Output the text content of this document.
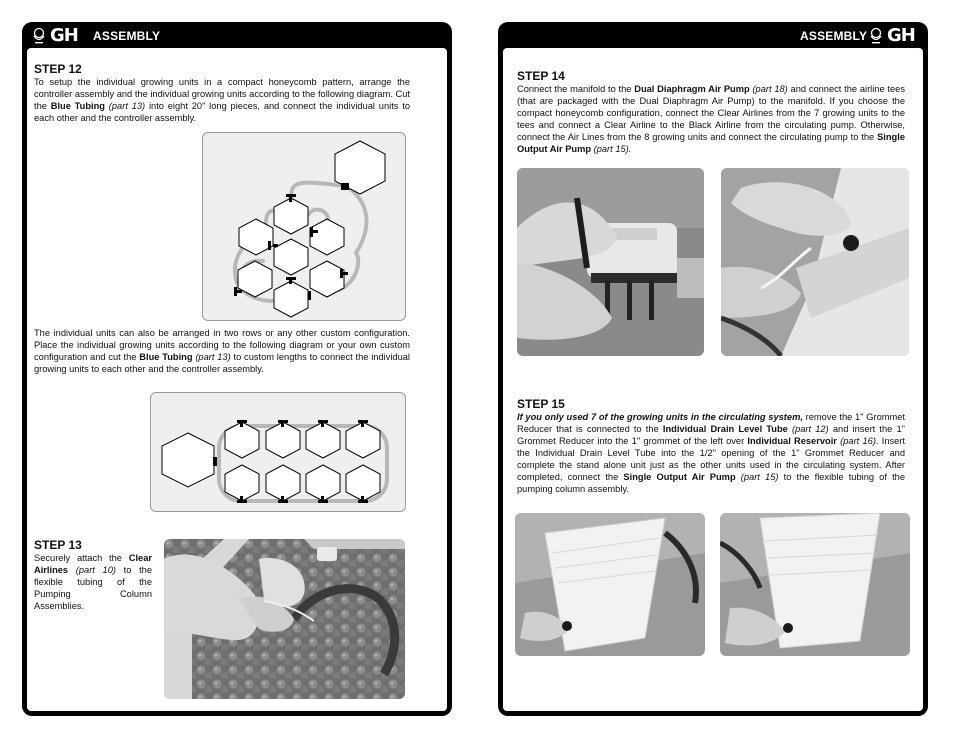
GH ASSEMBLY	ASSEMBLY GH
STEP 12

To setup the individual growing units in a compact honeycomb pattern, arrange the controller assembly and the individual growing units according to the following diagram. Cut the Blue Tubing (part 13) into eight 20" long pieces, and connect the individual units to each other and the controller assembly.

The individual units can also be arranged in two rows or any other custom configuration. Place the individual growing units according to the following diagram or your own custom configuration and cut the Blue Tubing (part 13) to custom lengths to connect the individual growing units to each other and the controller assembly.

STEP 13

Securely attach the Clear Airlines (part 10) to the flexible tubing of the Pumping Column Assemblies.

STEP 14

Connect the manifold to the Dual Diaphragm Air Pump (part 18) and connect the airline tees (that are packaged with the Dual Diaphragm Air Pump) to the manifold. If you choose the compact honeycomb configuration, connect the Clear Airlines from the 7 growing units to the tees and connect a Clear Airline to the Black Airline from the circulating pump. Otherwise, connect the Air Lines from the 8 growing units and connect the circulating pump to the Single Output Air Pump (part 15).

STEP 15

If you only used 7 of the growing units in the circulating system, remove the 1" Grommet Reducer that is connected to the Individual Drain Level Tube (part 12) and insert the 1" Grommet Reducer into the 1" grommet of the left over Individual Reservoir (part 16). Insert the Individual Drain Level Tube into the 1/2" opening of the 1" Grommet Reducer and complete the stand alone unit just as the other units used in the circulating system. After completed, connect the Single Output Air Pump (part 15) to the flexible tubing of the pumping column assembly.
